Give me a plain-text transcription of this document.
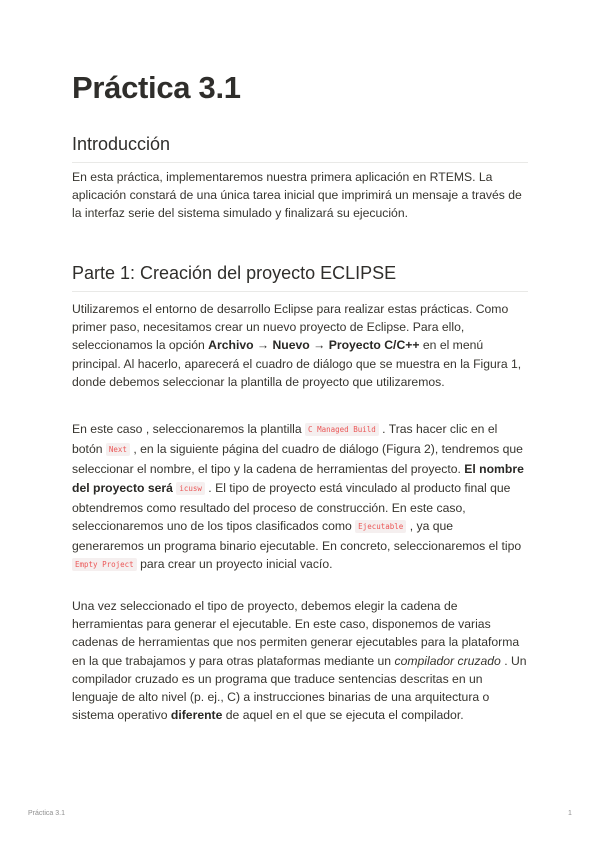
Práctica 3.1
Introducción

En esta práctica, implementaremos nuestra primera aplicación en RTEMS. La aplicación constará de una única tarea inicial que imprimirá un mensaje a través de la interfaz serie del sistema simulado y finalizará su ejecución.

Parte 1: Creación del proyecto ECLIPSE

Utilizaremos el entorno de desarrollo Eclipse para realizar estas prácticas. Como primer paso, necesitamos crear un nuevo proyecto de Eclipse. Para ello, seleccionamos la opción Archivo → Nuevo → Proyecto C/C++ en el menú principal. Al hacerlo, aparecerá el cuadro de diálogo que se muestra en la Figura 1, donde debemos seleccionar la plantilla de proyecto que utilizaremos.

En este caso , seleccionaremos la plantilla C Managed Build . Tras hacer clic en el botón Next , en la siguiente página del cuadro de diálogo (Figura 2), tendremos que seleccionar el nombre, el tipo y la cadena de herramientas del proyecto. El nombre del proyecto será icusw . El tipo de proyecto está vinculado al producto final que obtendremos como resultado del proceso de construcción. En este caso, seleccionaremos uno de los tipos clasificados como Ejecutable , ya que generaremos un programa binario ejecutable. En concreto, seleccionaremos el tipo Empty Project para crear un proyecto inicial vacío.

Una vez seleccionado el tipo de proyecto, debemos elegir la cadena de herramientas para generar el ejecutable. En este caso, disponemos de varias cadenas de herramientas que nos permiten generar ejecutables para la plataforma en la que trabajamos y para otras plataformas mediante un compilador cruzado . Un compilador cruzado es un programa que traduce sentencias descritas en un lenguaje de alto nivel (p. ej., C) a instrucciones binarias de una arquitectura o sistema operativo diferente de aquel en el que se ejecuta el compilador.

Práctica 3.1	1
